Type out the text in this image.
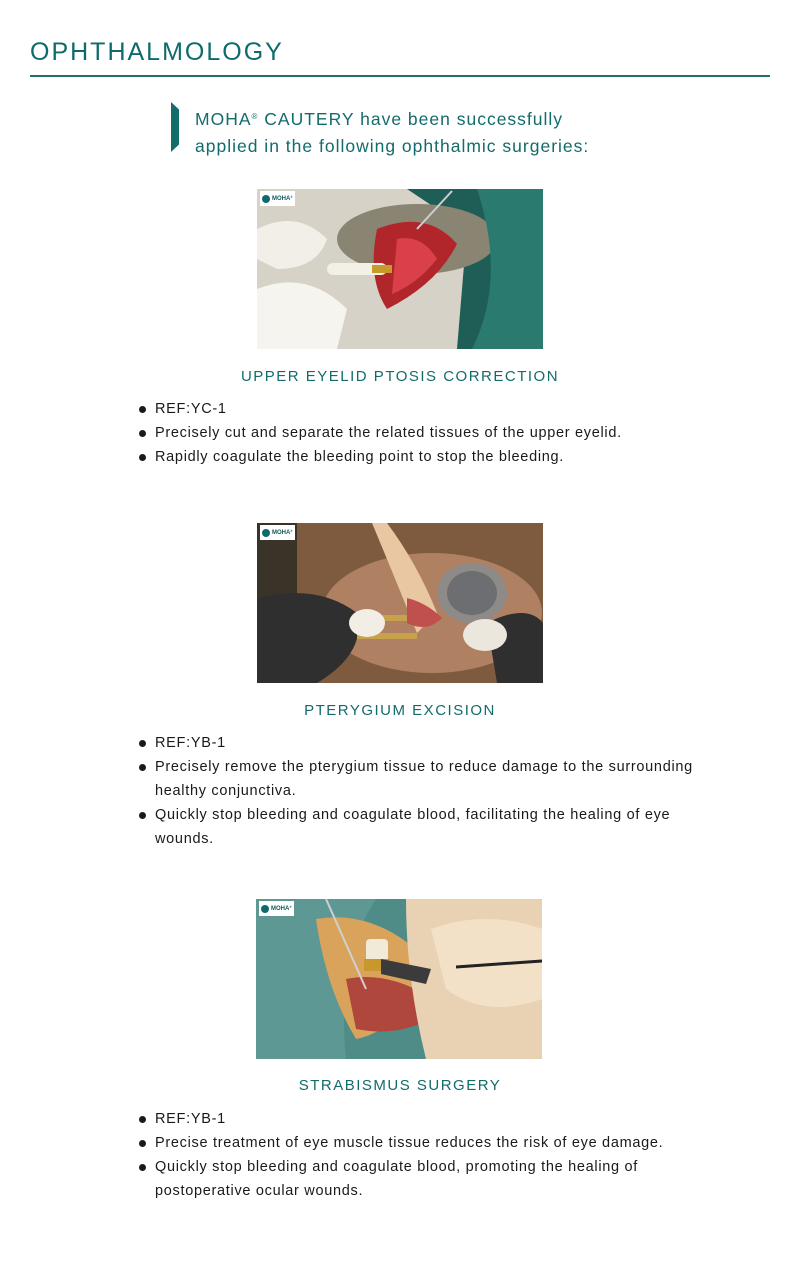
OPHTHALMOLOGY

MOHA® CAUTERY have been successfully
applied in the following ophthalmic surgeries:

MOHA®
UPPER EYELID PTOSIS CORRECTION
REF:YC-1
Precisely cut and separate the related tissues of the upper eyelid.
Rapidly coagulate the bleeding point to stop the bleeding.
MOHA®
PTERYGIUM EXCISION
REF:YB-1
Precisely remove the pterygium tissue to reduce damage to the surrounding healthy conjunctiva.
Quickly stop bleeding and coagulate blood, facilitating the healing of eye wounds.
MOHA®
STRABISMUS SURGERY
REF:YB-1
Precise treatment of eye muscle tissue reduces the risk of eye damage.
Quickly stop bleeding and coagulate blood, promoting the healing of postoperative ocular wounds.
